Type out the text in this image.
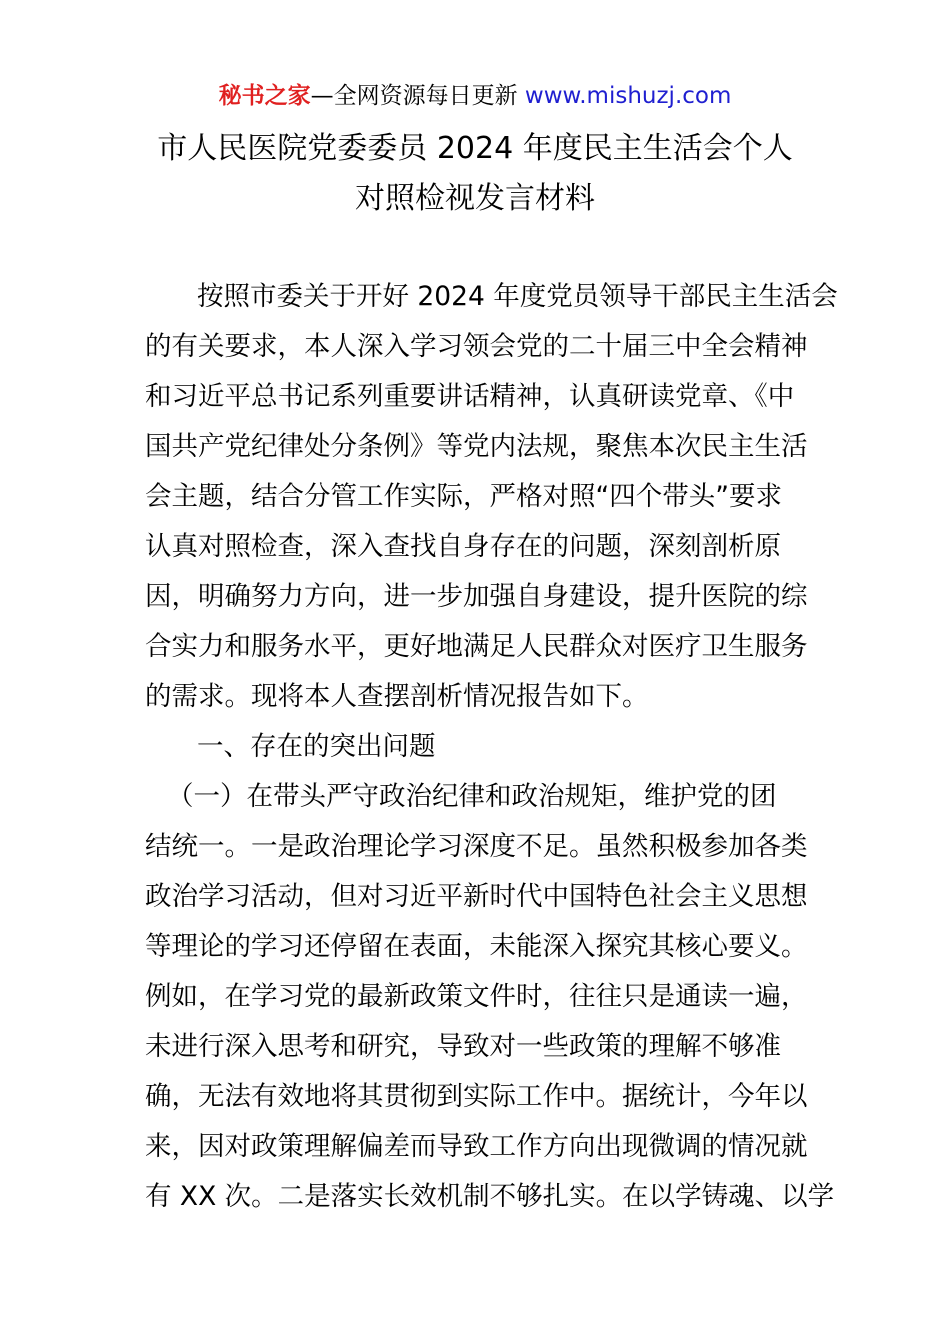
秘书之家—全网资源每日更新 www.mishuzj.com
市人民医院党委委员 2024 年度民主生活会个人
对照检视发言材料
按照市委关于开好 2024 年度党员领导干部民主生活会
的有关要求，本人深入学习领会党的二十届三中全会精神
和习近平总书记系列重要讲话精神，认真研读党章、《中
国共产党纪律处分条例》等党内法规，聚焦本次民主生活
会主题，结合分管工作实际，严格对照“四个带头”要求
认真对照检查，深入查找自身存在的问题，深刻剖析原
因，明确努力方向，进一步加强自身建设，提升医院的综
合实力和服务水平，更好地满足人民群众对医疗卫生服务
的需求。现将本人查摆剖析情况报告如下。
一、存在的突出问题
（一）在带头严守政治纪律和政治规矩，维护党的团
结统一。一是政治理论学习深度不足。虽然积极参加各类
政治学习活动，但对习近平新时代中国特色社会主义思想
等理论的学习还停留在表面，未能深入探究其核心要义。
例如，在学习党的最新政策文件时，往往只是通读一遍，
未进行深入思考和研究，导致对一些政策的理解不够准
确，无法有效地将其贯彻到实际工作中。据统计，今年以
来，因对政策理解偏差而导致工作方向出现微调的情况就
有 XX 次。二是落实长效机制不够扎实。在以学铸魂、以学
